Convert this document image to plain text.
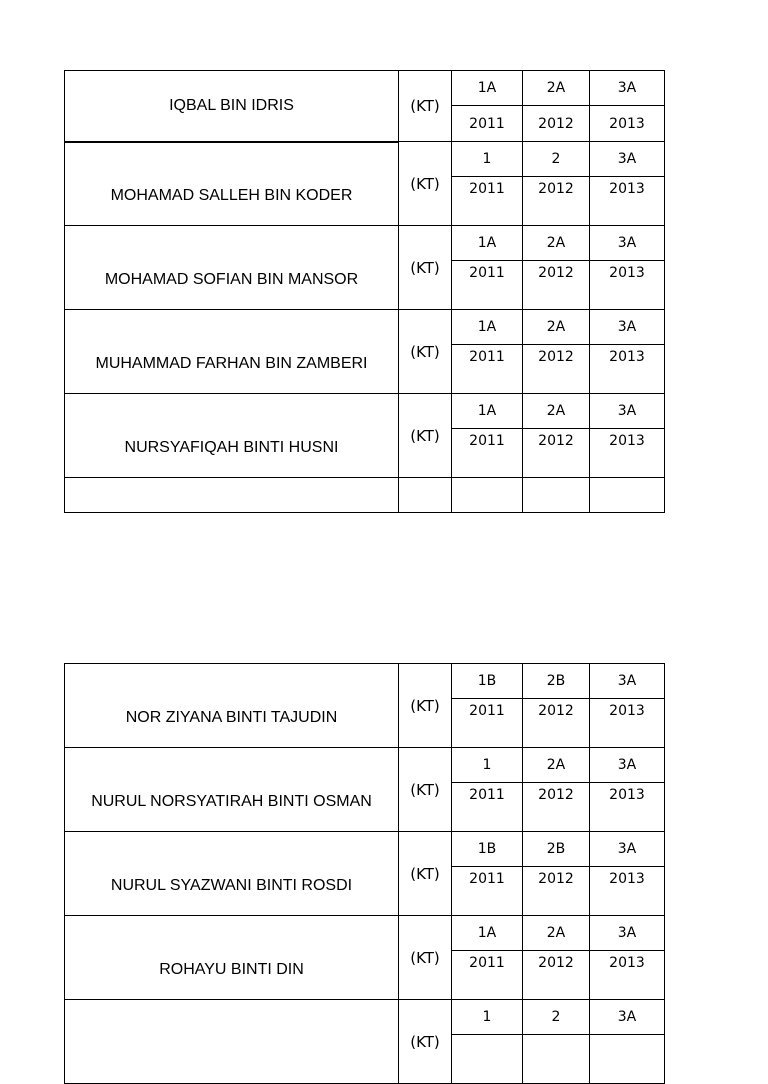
IQBAL BIN IDRIS	(KT)	1A	2A	3A
		2011	2012	2013
MOHAMAD SALLEH BIN KODER	(KT)	1	2	3A
		2011	2012	2013
MOHAMAD SOFIAN BIN MANSOR	(KT)	1A	2A	3A
		2011	2012	2013
MUHAMMAD FARHAN BIN ZAMBERI	(KT)	1A	2A	3A
		2011	2012	2013
NURSYAFIQAH BINTI HUSNI	(KT)	1A	2A	3A
		2011	2012	2013

NOR ZIYANA BINTI TAJUDIN	(KT)	1B	2B	3A
		2011	2012	2013
NURUL NORSYATIRAH BINTI OSMAN	(KT)	1	2A	3A
		2011	2012	2013
NURUL SYAZWANI BINTI ROSDI	(KT)	1B	2B	3A
		2011	2012	2013
ROHAYU BINTI DIN	(KT)	1A	2A	3A
		2011	2012	2013
	(KT)	1	2	3A
